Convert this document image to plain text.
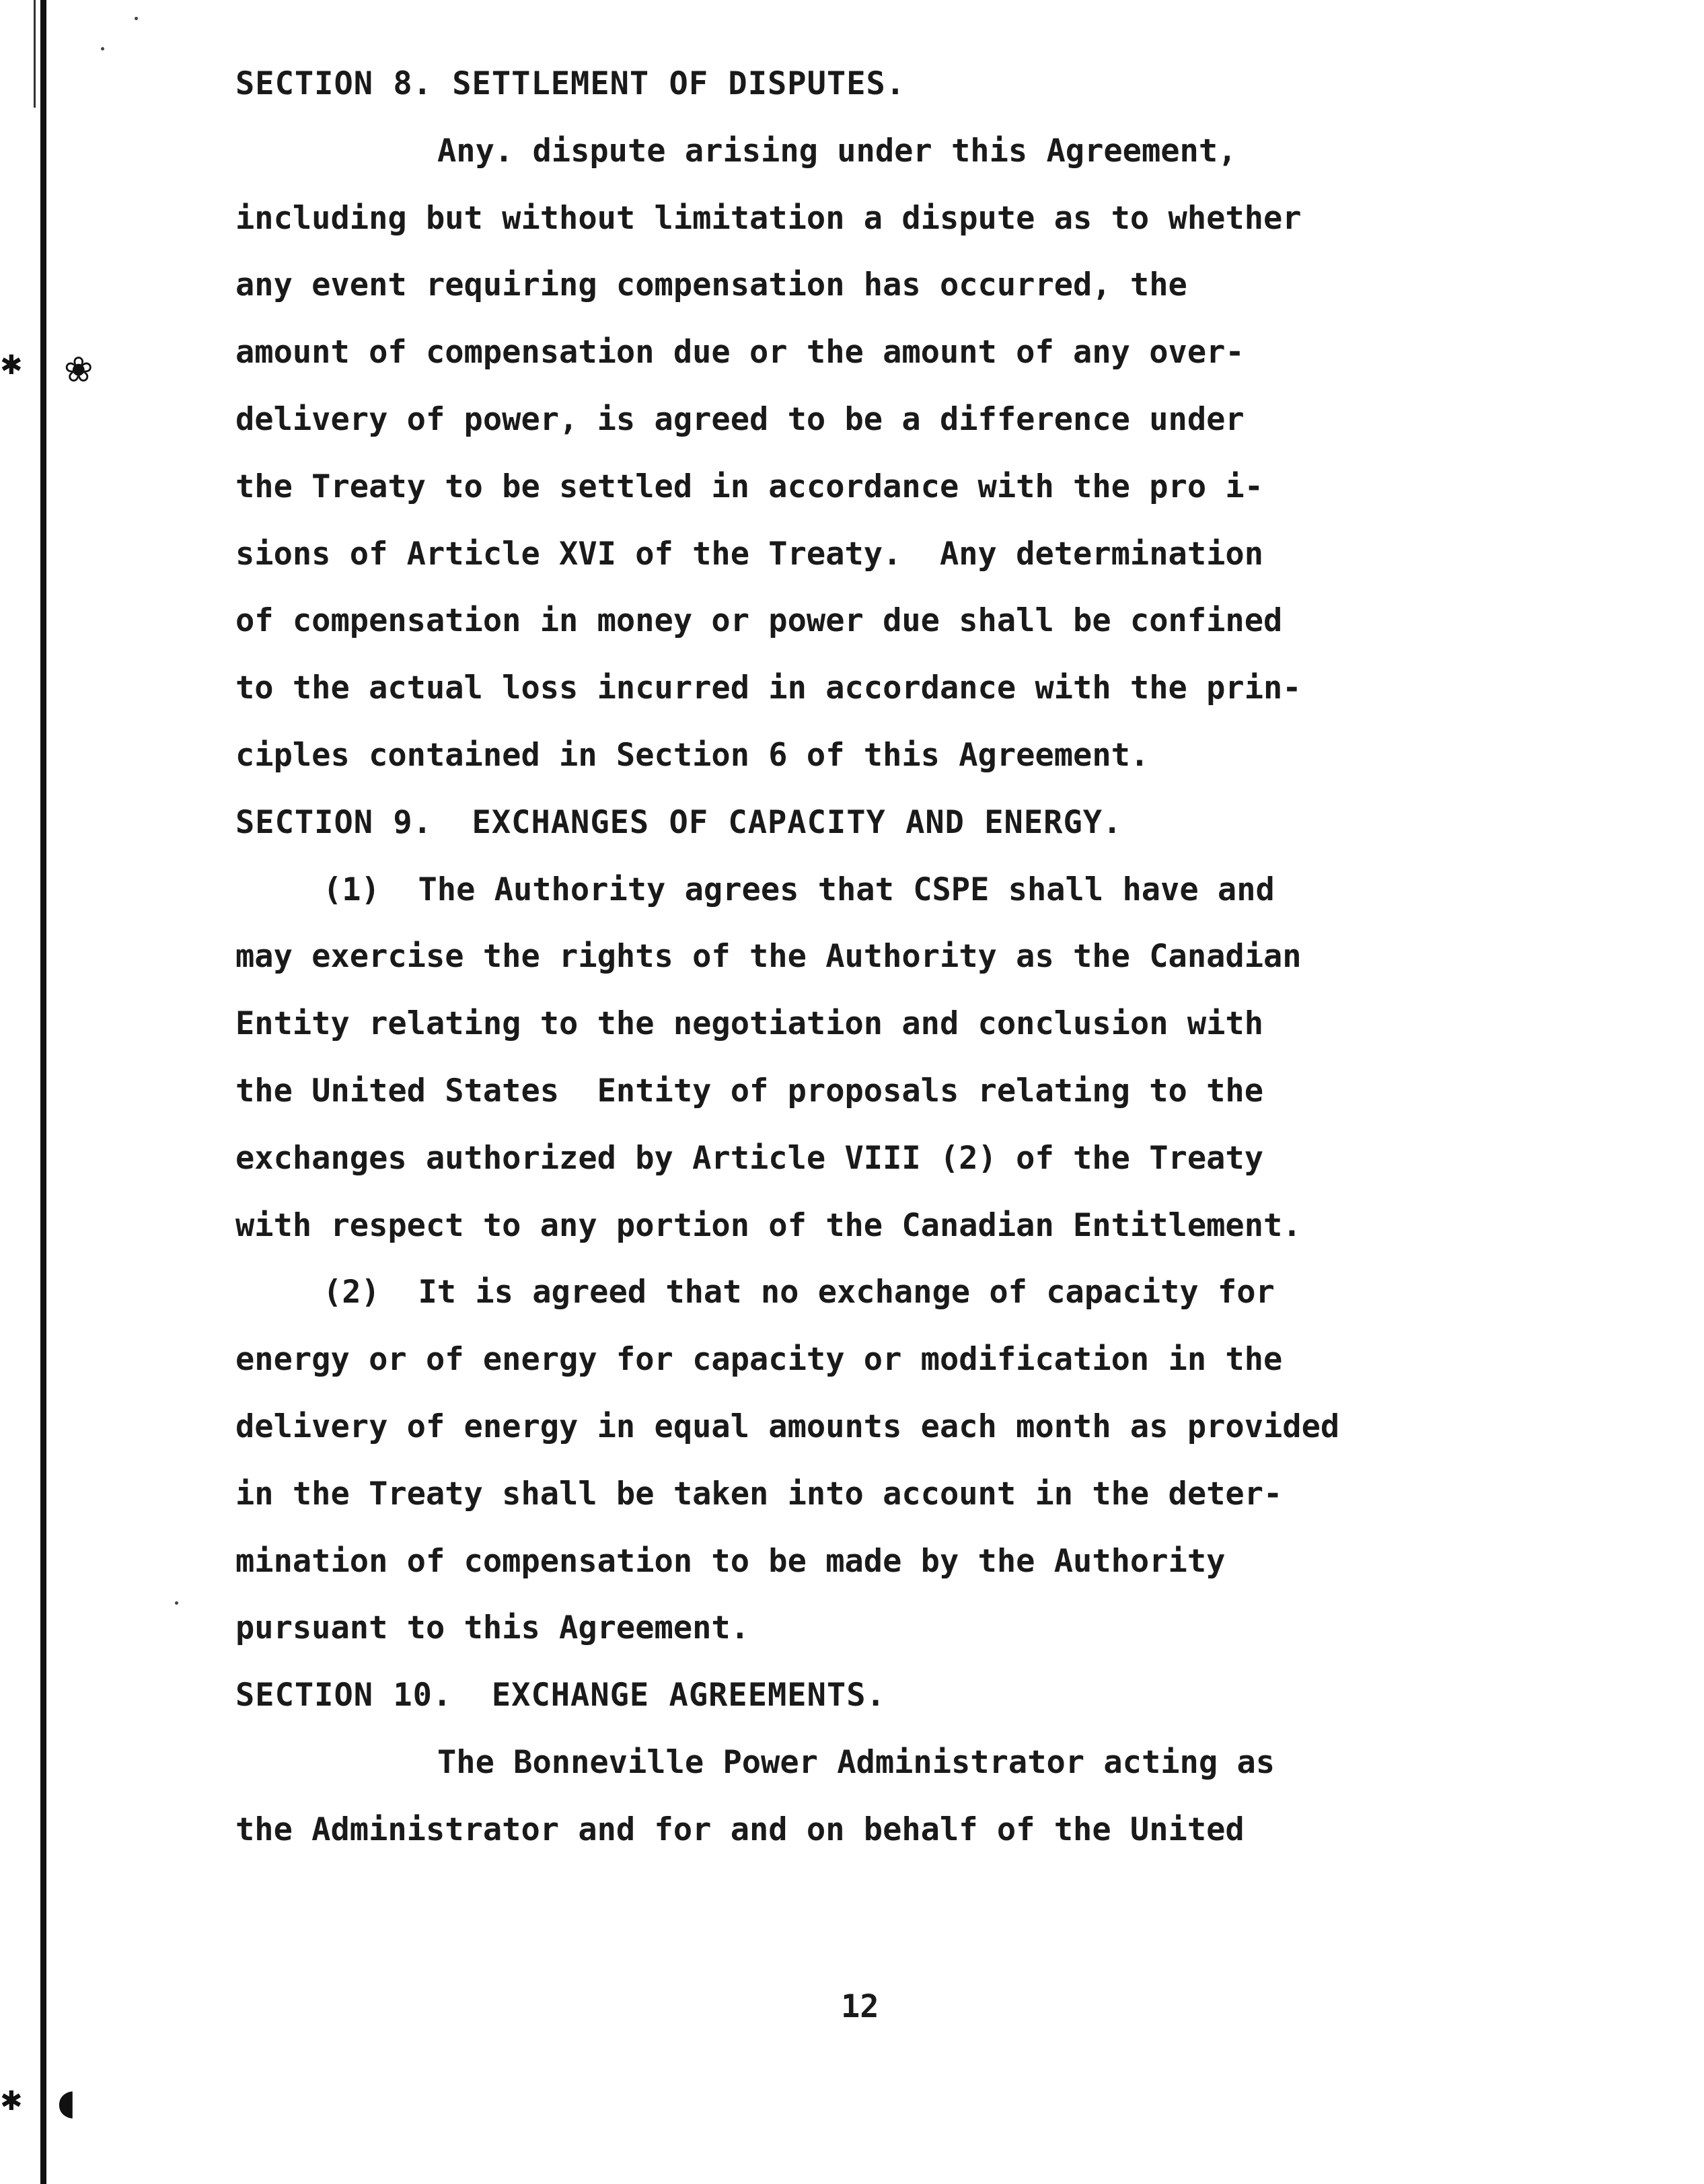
✱ ❀
✱ ◖
SECTION 8. SETTLEMENT OF DISPUTES.
Any. dispute arising under this Agreement,
including but without limitation a dispute as to whether
any event requiring compensation has occurred, the
amount of compensation due or the amount of any over-
delivery of power, is agreed to be a difference under
the Treaty to be settled in accordance with the pro i-
sions of Article XVI of the Treaty.  Any determination
of compensation in money or power due shall be confined
to the actual loss incurred in accordance with the prin-
ciples contained in Section 6 of this Agreement.
SECTION 9.  EXCHANGES OF CAPACITY AND ENERGY.
(1)  The Authority agrees that CSPE shall have and
may exercise the rights of the Authority as the Canadian
Entity relating to the negotiation and conclusion with
the United States  Entity of proposals relating to the
exchanges authorized by Article VIII (2) of the Treaty
with respect to any portion of the Canadian Entitlement.
(2)  It is agreed that no exchange of capacity for
energy or of energy for capacity or modification in the
delivery of energy in equal amounts each month as provided
in the Treaty shall be taken into account in the deter-
mination of compensation to be made by the Authority
pursuant to this Agreement.
SECTION 10.  EXCHANGE AGREEMENTS.
The Bonneville Power Administrator acting as
the Administrator and for and on behalf of the United
12
